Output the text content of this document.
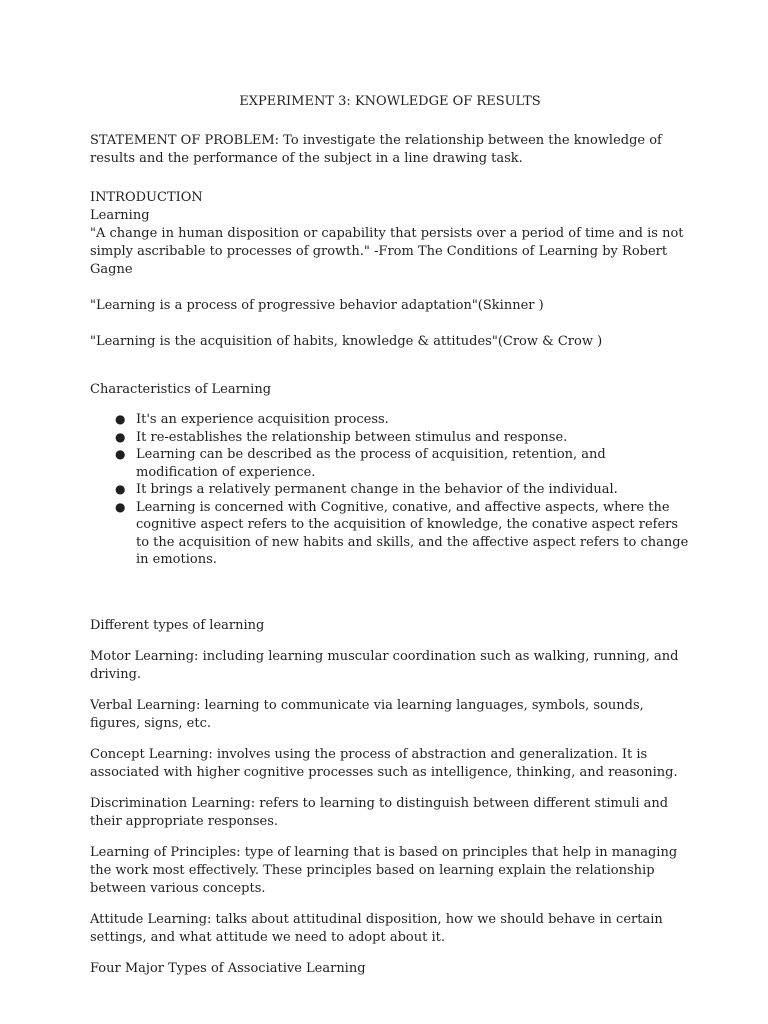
EXPERIMENT 3: KNOWLEDGE OF RESULTS

STATEMENT OF PROBLEM: To investigate the relationship between the knowledge of results and the performance of the subject in a line drawing task.

INTRODUCTION

Learning

"A change in human disposition or capability that persists over a period of time and is not simply ascribable to processes of growth." -From The Conditions of Learning by Robert Gagne

"Learning is a process of progressive behavior adaptation"(Skinner )

"Learning is the acquisition of habits, knowledge & attitudes"(Crow & Crow )

Characteristics of Learning

● It's an experience acquisition process.
● It re-establishes the relationship between stimulus and response.
● Learning can be described as the process of acquisition, retention, and modification of experience.
● It brings a relatively permanent change in the behavior of the individual.
● Learning is concerned with Cognitive, conative, and affective aspects, where the cognitive aspect refers to the acquisition of knowledge, the conative aspect refers to the acquisition of new habits and skills, and the affective aspect refers to change in emotions.

Different types of learning

Motor Learning: including learning muscular coordination such as walking, running, and driving.

Verbal Learning: learning to communicate via learning languages, symbols, sounds, figures, signs, etc.

Concept Learning: involves using the process of abstraction and generalization. It is associated with higher cognitive processes such as intelligence, thinking, and reasoning.

Discrimination Learning: refers to learning to distinguish between different stimuli and their appropriate responses.

Learning of Principles: type of learning that is based on principles that help in managing the work most effectively. These principles based on learning explain the relationship between various concepts.

Attitude Learning: talks about attitudinal disposition, how we should behave in certain settings, and what attitude we need to adopt about it.

Four Major Types of Associative Learning
